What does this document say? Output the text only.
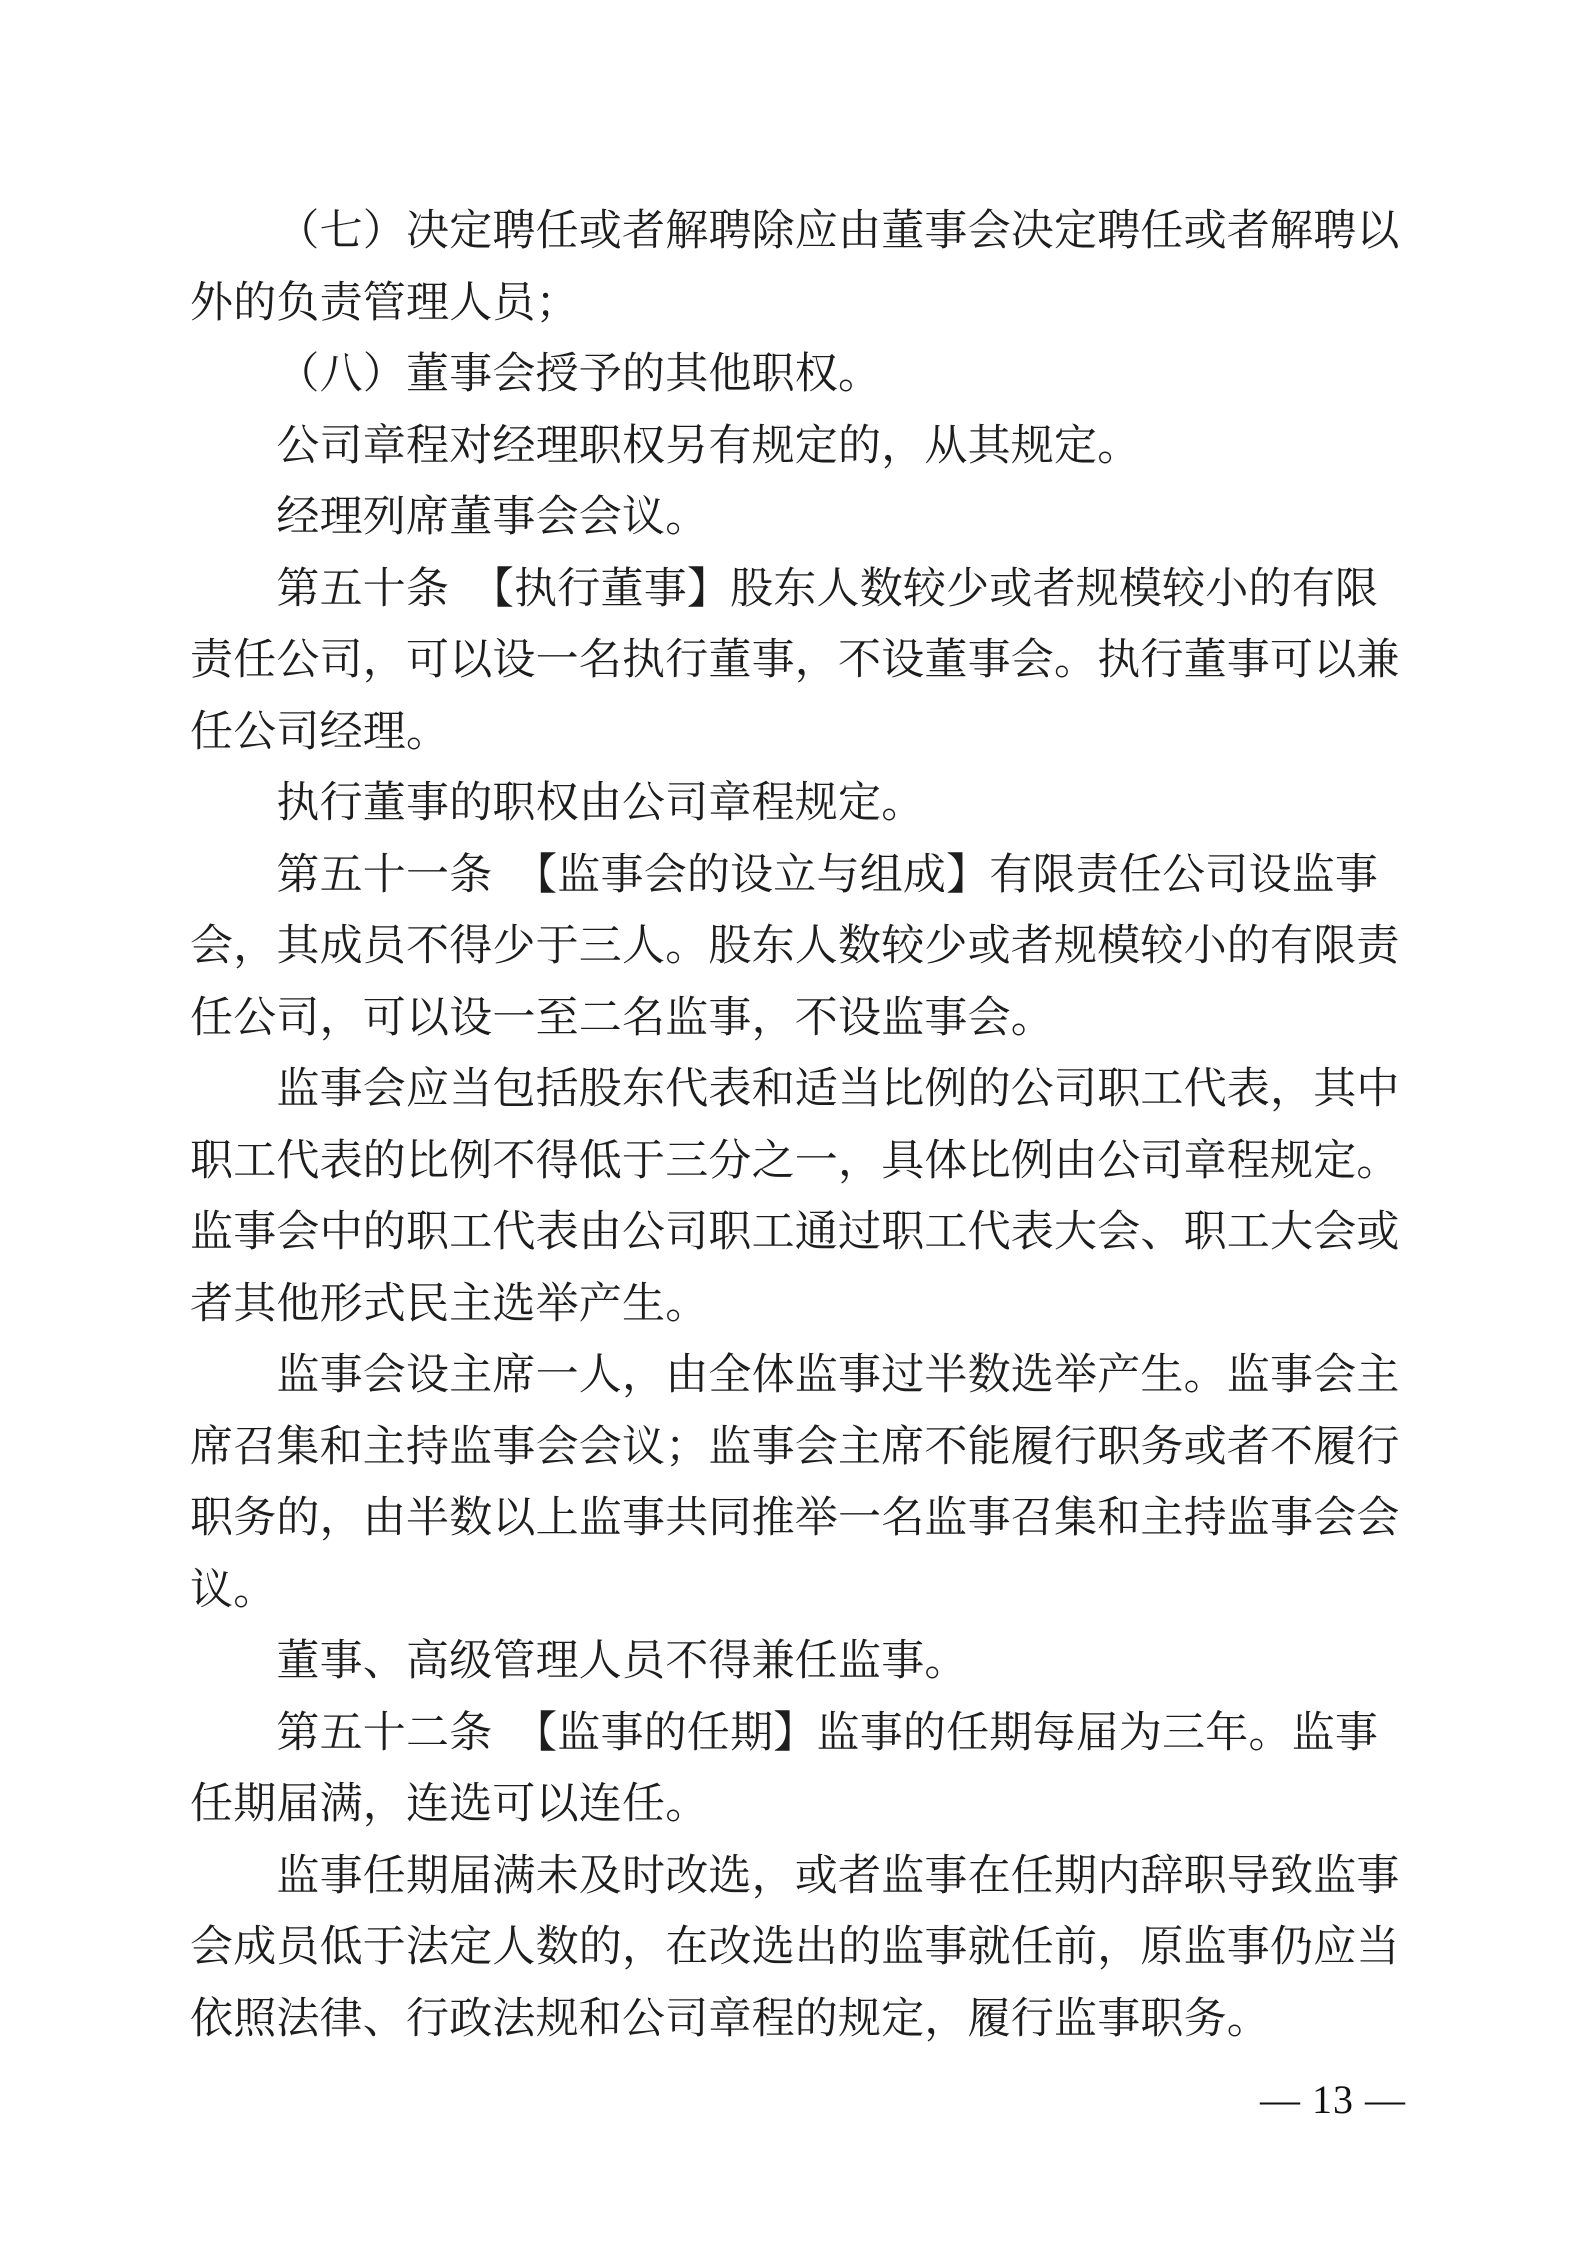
（七）决定聘任或者解聘除应由董事会决定聘任或者解聘以
外的负责管理人员；
（八）董事会授予的其他职权。
公司章程对经理职权另有规定的，从其规定。
经理列席董事会会议。
第五十条　【执行董事】股东人数较少或者规模较小的有限
责任公司，可以设一名执行董事，不设董事会。执行董事可以兼
任公司经理。
执行董事的职权由公司章程规定。
第五十一条　【监事会的设立与组成】有限责任公司设监事
会，其成员不得少于三人。股东人数较少或者规模较小的有限责
任公司，可以设一至二名监事，不设监事会。
监事会应当包括股东代表和适当比例的公司职工代表，其中
职工代表的比例不得低于三分之一，具体比例由公司章程规定。
监事会中的职工代表由公司职工通过职工代表大会、职工大会或
者其他形式民主选举产生。
监事会设主席一人，由全体监事过半数选举产生。监事会主
席召集和主持监事会会议；监事会主席不能履行职务或者不履行
职务的，由半数以上监事共同推举一名监事召集和主持监事会会
议。
董事、高级管理人员不得兼任监事。
第五十二条　【监事的任期】监事的任期每届为三年。监事
任期届满，连选可以连任。
监事任期届满未及时改选，或者监事在任期内辞职导致监事
会成员低于法定人数的，在改选出的监事就任前，原监事仍应当
依照法律、行政法规和公司章程的规定，履行监事职务。
— 13 —
